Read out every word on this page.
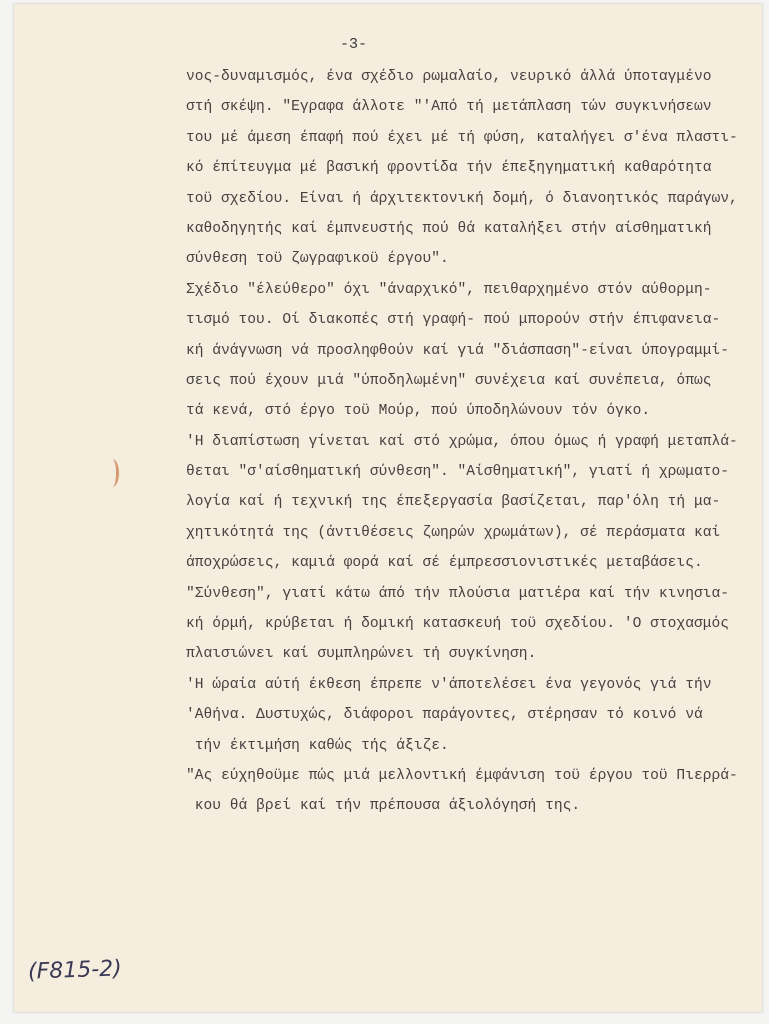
-3-
νος-δυναμισμός, ένα σχέδιο ρωμαλαίο, νευρικό άλλά ύποταγμένο
στή σκέψη. "Εγραφα άλλοτε "'Από τή μετάπλαση τών συγκινήσεων
του μέ άμεση έπαφή πού έχει μέ τή φύση, καταλήγει σ'ένα πλαστι-
κό έπίτευγμα μέ βασική φροντίδα τήν έπεξηγηματική καθαρότητα
τοϋ σχεδίου. Είναι ή άρχιτεκτονική δομή, ό διανοητικός παράγων,
καθοδηγητής καί έμπνευστής πού θά καταλήξει στήν αίσθηματική
σύνθεση τοϋ ζωγραφικοϋ έργου".
Σχέδιο "έλεύθερο" όχι "άναρχικό", πειθαρχημένο στόν αύθορμη-
τισμό του. Οί διακοπές στή γραφή- πού μπορούν στήν έπιφανεια-
κή άνάγνωση νά προσληφθούν καί γιά "διάσπαση"-είναι ύπογραμμί-
σεις πού έχουν μιά "ύποδηλωμένη" συνέχεια καί συνέπεια, όπως
τά κενά, στό έργο τοϋ Μούρ, πού ύποδηλώνουν τόν όγκο.
'Η διαπίστωση γίνεται καί στό χρώμα, όπου όμως ή γραφή μεταπλά-
θεται "σ'αίσθηματική σύνθεση". "Αίσθηματική", γιατί ή χρωματο-
λογία καί ή τεχνική της έπεξεργασία βασίζεται, παρ'όλη τή μα-
χητικότητά της (άντιθέσεις ζωηρών χρωμάτων), σέ περάσματα καί
άποχρώσεις, καμιά φορά καί σέ έμπρεσσιονιστικές μεταβάσεις.
"Σύνθεση", γιατί κάτω άπό τήν πλούσια ματιέρα καί τήν κινησια-
κή όρμή, κρύβεται ή δομική κατασκευή τοϋ σχεδίου. 'Ο στοχασμός
πλαισιώνει καί συμπληρώνει τή συγκίνηση.
'Η ώραία αύτή έκθεση έπρεπε ν'άποτελέσει ένα γεγονός γιά τήν
'Αθήνα. Δυστυχώς, διάφοροι παράγοντες, στέρησαν τό κοινό νά
τήν έκτιμήση καθώς τής άξιζε.
"Ας εύχηθοϋμε πώς μιά μελλοντική έμφάνιση τοϋ έργου τοϋ Πιερρά-
κου θά βρεί καί τήν πρέπουσα άξιολόγησή της.
(F815-2)
